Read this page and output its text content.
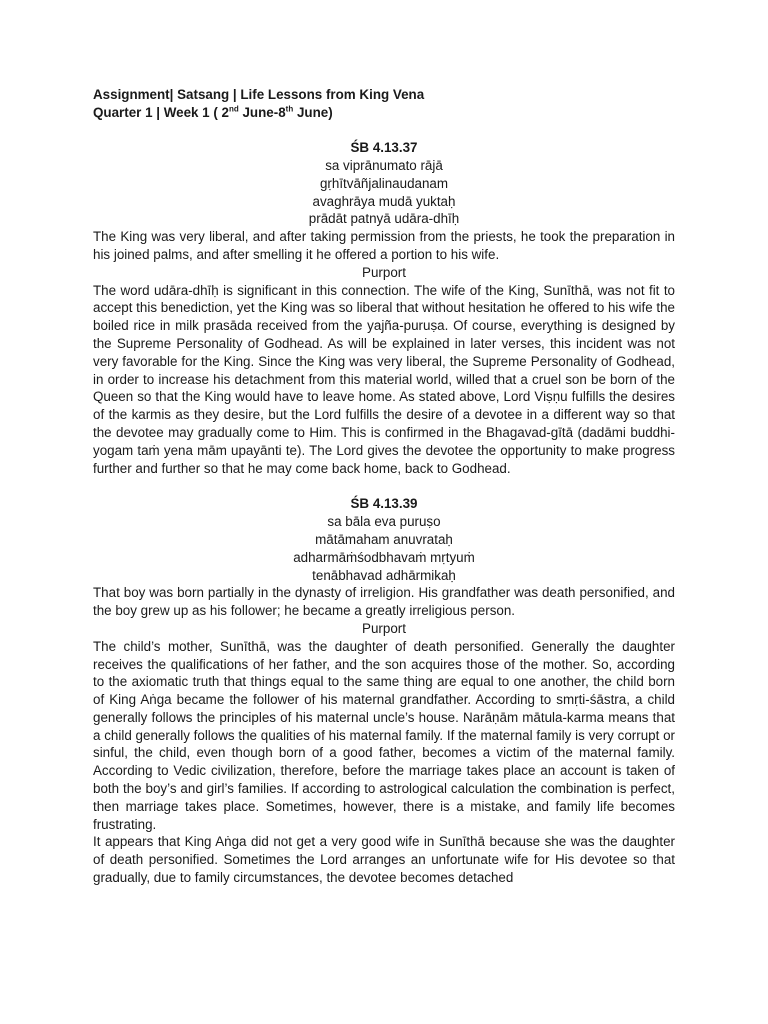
Assignment| Satsang | Life Lessons from King Vena
Quarter 1 | Week 1 ( 2nd June-8th June)
ŚB 4.13.37
sa viprānumato rājā
gṛhītvāñjalinaudanam
avaghrāya mudā yuktaḥ
prādāt patnyā udāra-dhīḥ

The King was very liberal, and after taking permission from the priests, he took the preparation in his joined palms, and after smelling it he offered a portion to his wife.

Purport

The word udāra-dhīḥ is significant in this connection. The wife of the King, Sunīthā, was not fit to accept this benediction, yet the King was so liberal that without hesitation he offered to his wife the boiled rice in milk prasāda received from the yajña-puruṣa. Of course, everything is designed by the Supreme Personality of Godhead. As will be explained in later verses, this incident was not very favorable for the King. Since the King was very liberal, the Supreme Personality of Godhead, in order to increase his detachment from this material world, willed that a cruel son be born of the Queen so that the King would have to leave home. As stated above, Lord Viṣṇu fulfills the desires of the karmis as they desire, but the Lord fulfills the desire of a devotee in a different way so that the devotee may gradually come to Him. This is confirmed in the Bhagavad-gītā (dadāmi buddhi-yogam taṁ yena mām upayānti te). The Lord gives the devotee the opportunity to make progress further and further so that he may come back home, back to Godhead.

ŚB 4.13.39
sa bāla eva puruṣo
mātāmaham anuvrataḥ
adharmāṁśodbhavaṁ mṛtyuṁ
tenābhavad adhārmikaḥ

That boy was born partially in the dynasty of irreligion. His grandfather was death personified, and the boy grew up as his follower; he became a greatly irreligious person.

Purport

The child’s mother, Sunīthā, was the daughter of death personified. Generally the daughter receives the qualifications of her father, and the son acquires those of the mother. So, according to the axiomatic truth that things equal to the same thing are equal to one another, the child born of King Aṅga became the follower of his maternal grandfather. According to smṛti-śāstra, a child generally follows the principles of his maternal uncle’s house. Narāṇām mātula-karma means that a child generally follows the qualities of his maternal family. If the maternal family is very corrupt or sinful, the child, even though born of a good father, becomes a victim of the maternal family. According to Vedic civilization, therefore, before the marriage takes place an account is taken of both the boy’s and girl’s families. If according to astrological calculation the combination is perfect, then marriage takes place. Sometimes, however, there is a mistake, and family life becomes frustrating.

It appears that King Aṅga did not get a very good wife in Sunīthā because she was the daughter of death personified. Sometimes the Lord arranges an unfortunate wife for His devotee so that gradually, due to family circumstances, the devotee becomes detached
